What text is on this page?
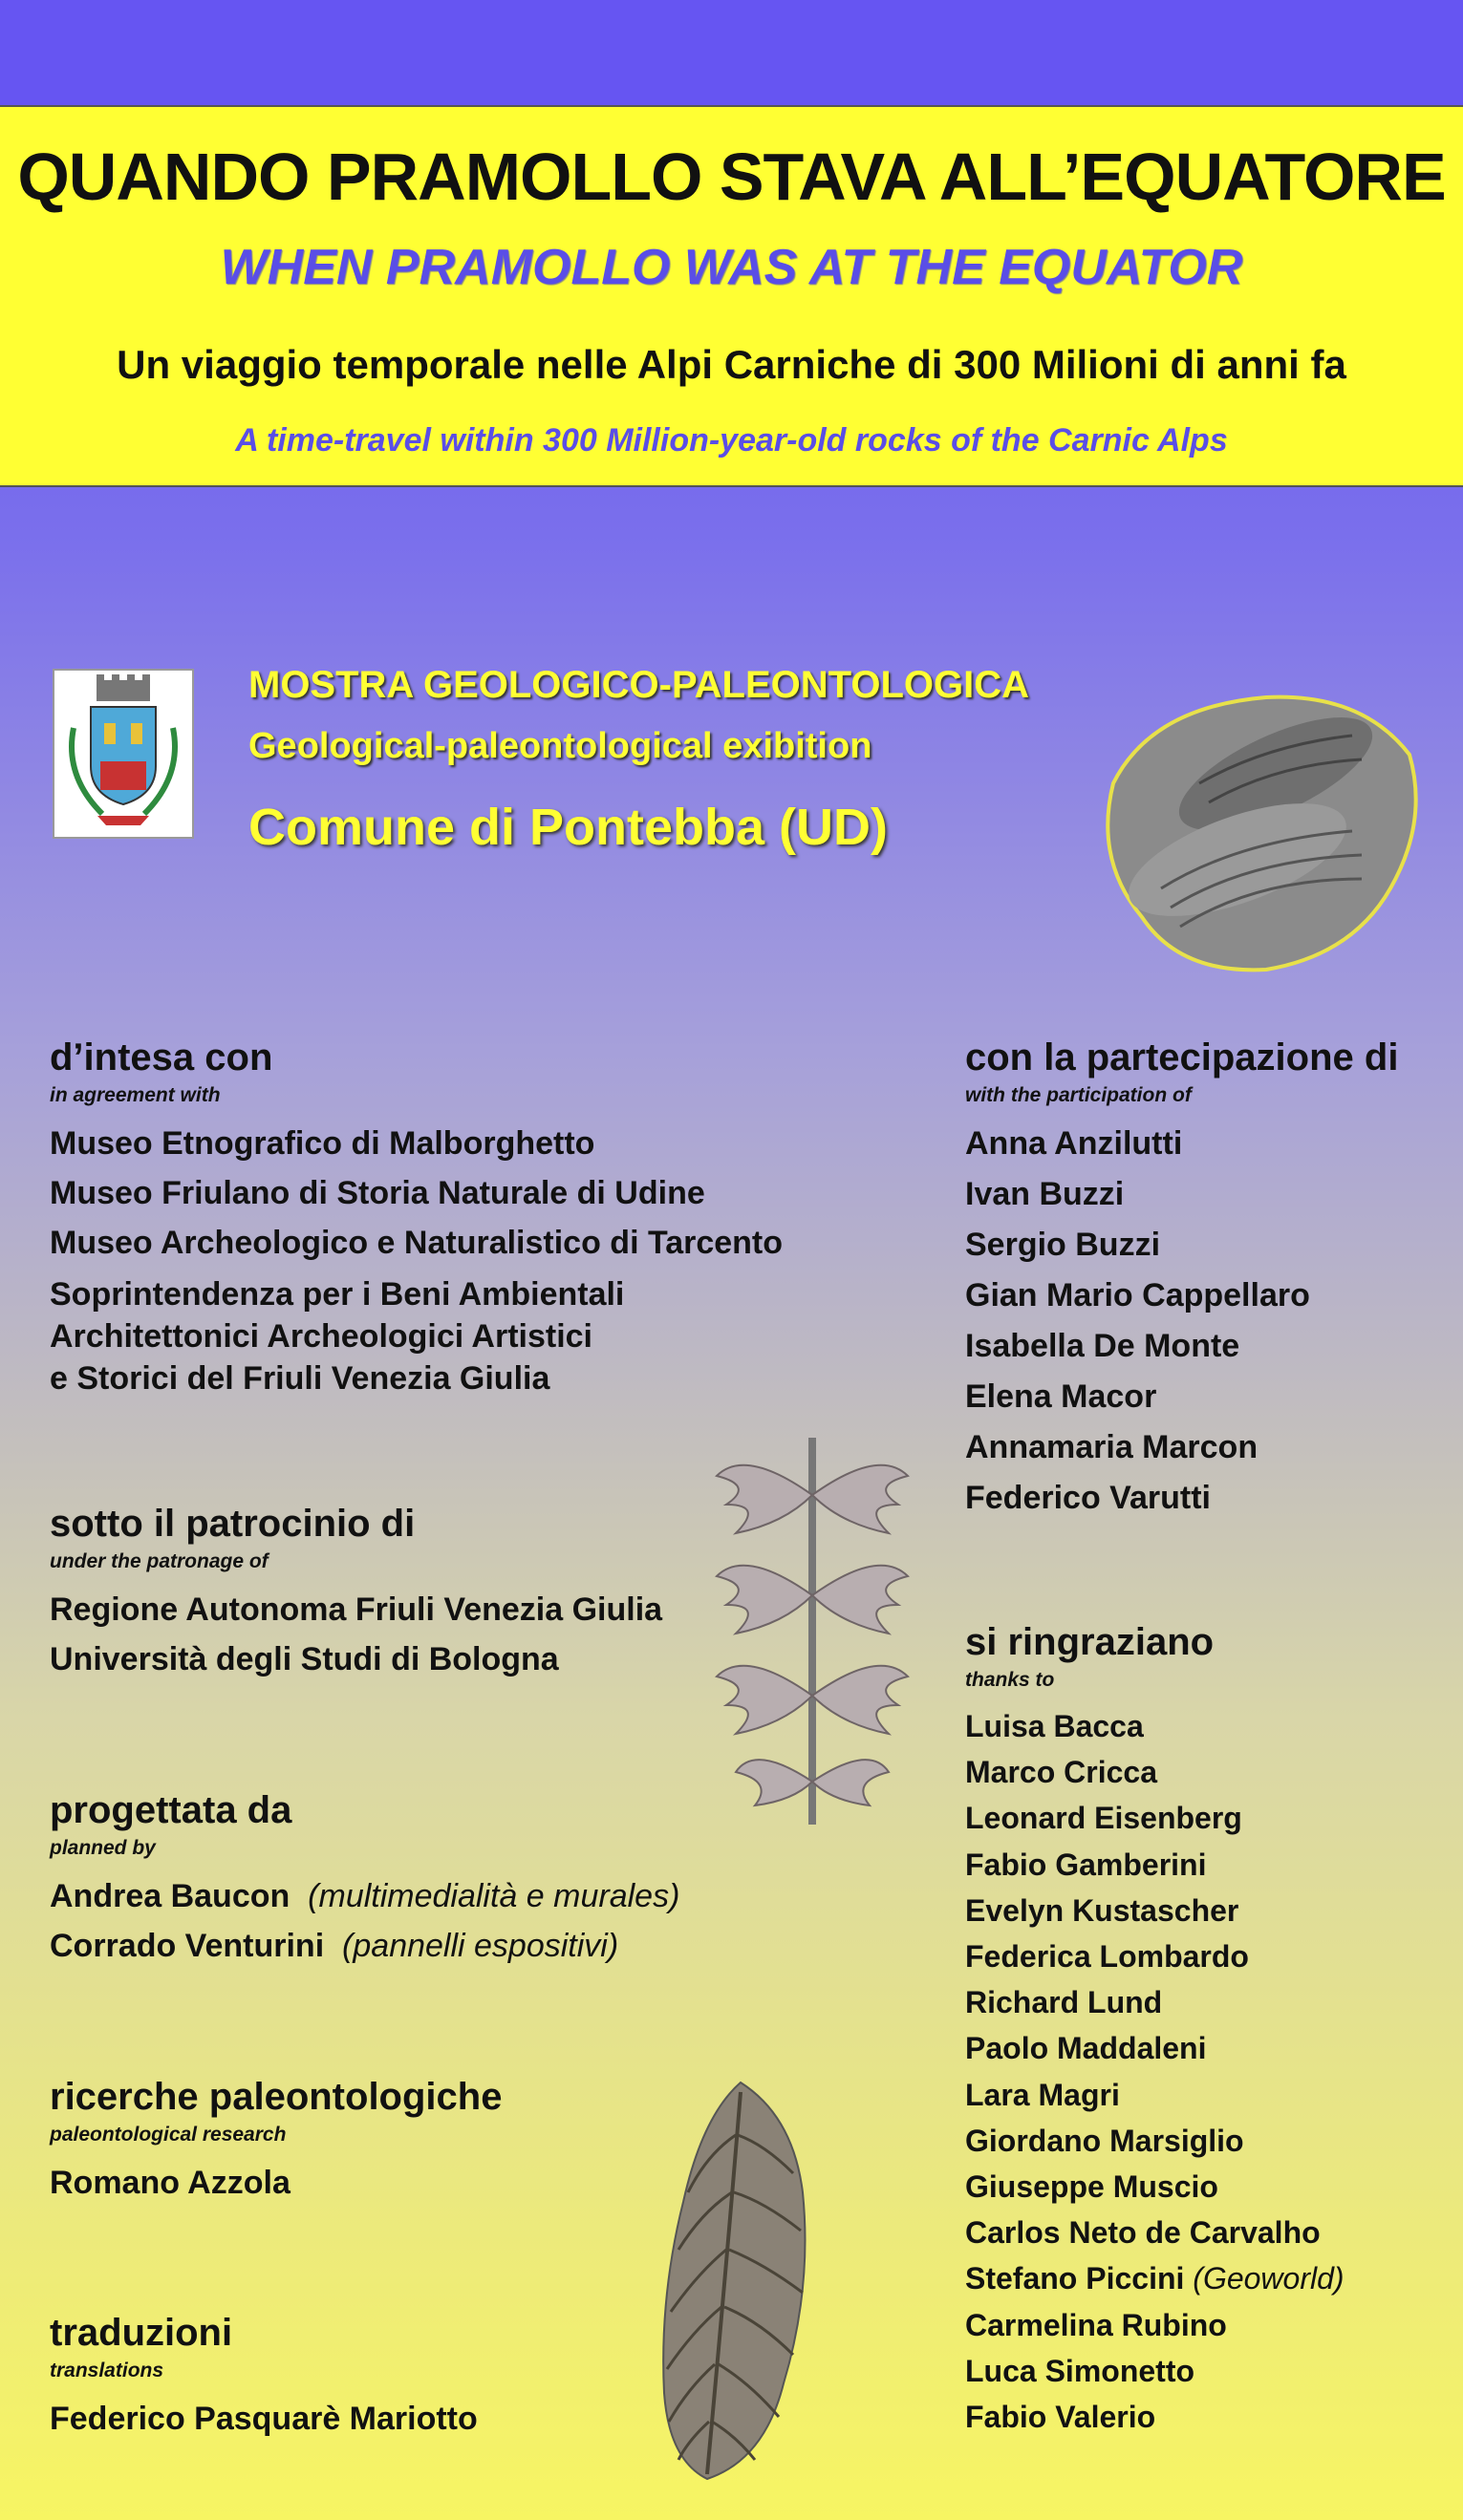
QUANDO PRAMOLLO STAVA ALL’EQUATORE
WHEN PRAMOLLO WAS AT THE EQUATOR
Un viaggio temporale nelle Alpi Carniche di 300 Milioni di anni fa
A time-travel within 300 Million-year-old rocks of the Carnic Alps
MOSTRA GEOLOGICO-PALEONTOLOGICA
Geological-paleontological exibition
Comune di Pontebba (UD)
d’intesa con
in agreement with
Museo Etnografico di Malborghetto
Museo Friulano di Storia Naturale di Udine
Museo Archeologico e Naturalistico di Tarcento
Soprintendenza per i Beni Ambientali
Architettonici Archeologici Artistici
e Storici del Friuli Venezia Giulia
sotto il patrocinio di
under the patronage of
Regione Autonoma Friuli Venezia Giulia
Università degli Studi di Bologna
progettata da
planned by
Andrea Baucon (multimedialità e murales)
Corrado Venturini (pannelli espositivi)
ricerche paleontologiche
paleontological research
Romano Azzola
traduzioni
translations
Federico Pasquarè Mariotto
con la partecipazione di
with the participation of
Anna Anzilutti
Ivan Buzzi
Sergio Buzzi
Gian Mario Cappellaro
Isabella De Monte
Elena Macor
Annamaria Marcon
Federico Varutti
si ringraziano
thanks to
Luisa Bacca
Marco Cricca
Leonard Eisenberg
Fabio Gamberini
Evelyn Kustascher
Federica Lombardo
Richard Lund
Paolo Maddaleni
Lara Magri
Giordano Marsiglio
Giuseppe Muscio
Carlos Neto de Carvalho
Stefano Piccini (Geoworld)
Carmelina Rubino
Luca Simonetto
Fabio Valerio
